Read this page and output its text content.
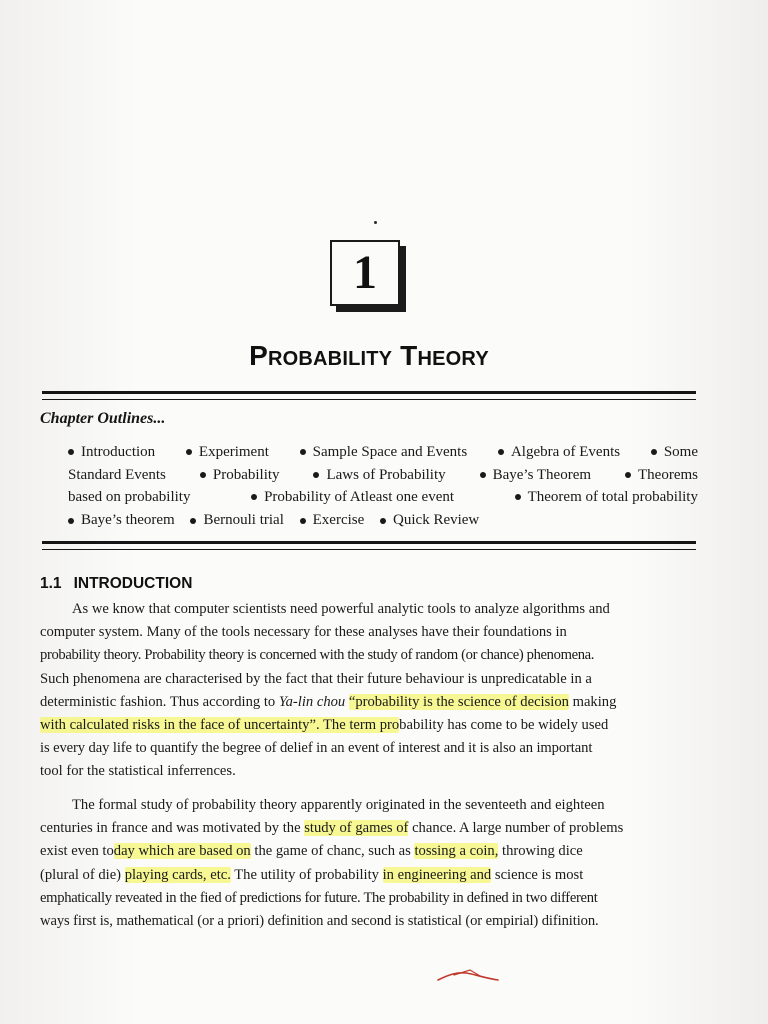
1
Probability Theory
Chapter Outlines...
Introduction	Experiment	Sample Space and Events	Algebra of Events	Some
Standard Events	Probability	Laws of Probability	Baye’s Theorem	Theorems
based on probability	Probability of Atleast one event	Theorem of total probability
Baye’s theorem
Bernouli trial
Exercise
Quick Review
1.1 INTRODUCTION
As we know that computer scientists need powerful analytic tools to analyze algorithms and
computer system. Many of the tools necessary for these analyses have their foundations in
probability theory. Probability theory is concerned with the study of random (or chance) phenomena.
Such phenomena are characterised by the fact that their future behaviour is unpredicatable in a
deterministic fashion. Thus according to Ya-lin chou “probability is the science of decision making
with calculated risks in the face of uncertainty”. The term probability has come to be widely used
is every day life to quantify the begree of delief in an event of interest and it is also an important
tool for the statistical inferrences.
The formal study of probability theory apparently originated in the seventeeth and eighteen
centuries in france and was motivated by the study of games of chance. A large number of problems
exist even today which are based on the game of chanc, such as tossing a coin, throwing dice
(plural of die) playing cards, etc. The utility of probability in engineering and science is most
emphatically reveated in the fied of predictions for future. The probability in defined in two different
ways first is, mathematical (or a priori) definition and second is statistical (or empirial) difinition.
